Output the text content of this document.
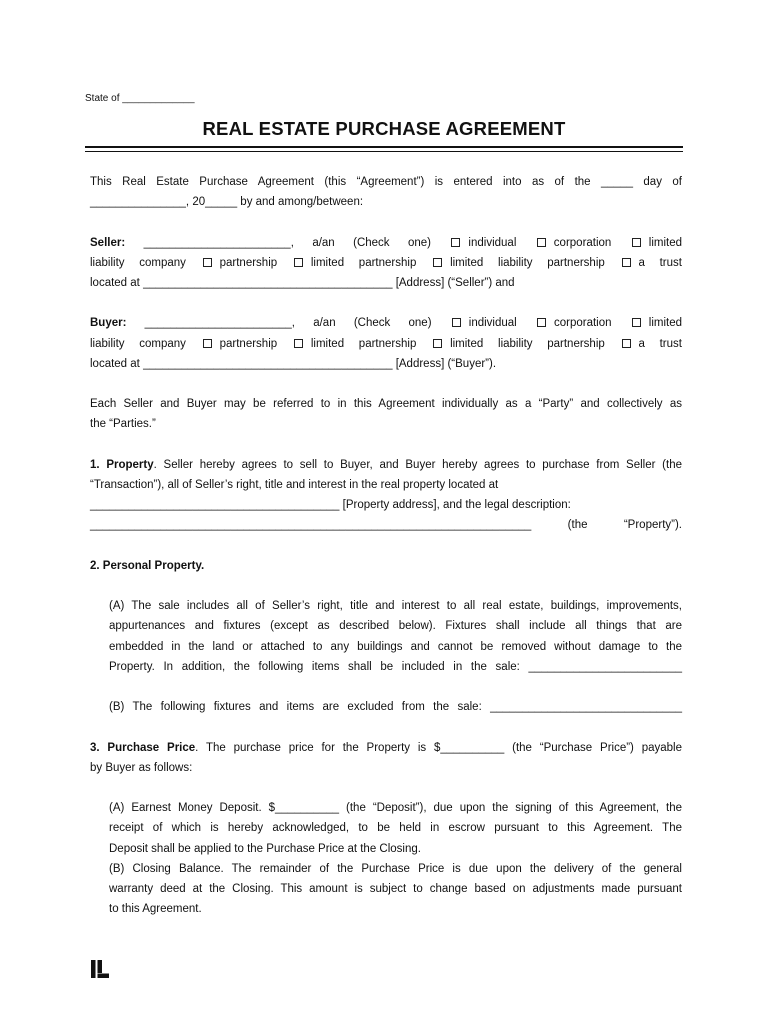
State of _____________
REAL ESTATE PURCHASE AGREEMENT

This Real Estate Purchase Agreement (this “Agreement”) is entered into as of the _____ day of

_______________, 20_____ by and among/between:

Seller: _______________________, a/an (Check one) individual corporation limited

liability company partnership limited partnership limited liability partnership a trust

located at _______________________________________ [Address] (“Seller”) and

Buyer: _______________________, a/an (Check one) individual corporation limited

liability company partnership limited partnership limited liability partnership a trust

located at _______________________________________ [Address] (“Buyer”).

Each Seller and Buyer may be referred to in this Agreement individually as a “Party” and collectively as

the “Parties.”

1. Property. Seller hereby agrees to sell to Buyer, and Buyer hereby agrees to purchase from Seller (the

“Transaction”), all of Seller’s right, title and interest in the real property located at

_______________________________________ [Property address], and the legal description:

_____________________________________________________________________ (the “Property”).

2. Personal Property.

(A) The sale includes all of Seller’s right, title and interest to all real estate, buildings, improvements,

appurtenances and fixtures (except as described below). Fixtures shall include all things that are

embedded in the land or attached to any buildings and cannot be removed without damage to the

Property. In addition, the following items shall be included in the sale: ________________________

(B) The following fixtures and items are excluded from the sale: ______________________________

3. Purchase Price. The purchase price for the Property is $__________ (the “Purchase Price”) payable

by Buyer as follows:

(A) Earnest Money Deposit. $__________ (the “Deposit”), due upon the signing of this Agreement, the

receipt of which is hereby acknowledged, to be held in escrow pursuant to this Agreement. The

Deposit shall be applied to the Purchase Price at the Closing.

(B) Closing Balance. The remainder of the Purchase Price is due upon the delivery of the general

warranty deed at the Closing. This amount is subject to change based on adjustments made pursuant

to this Agreement.
